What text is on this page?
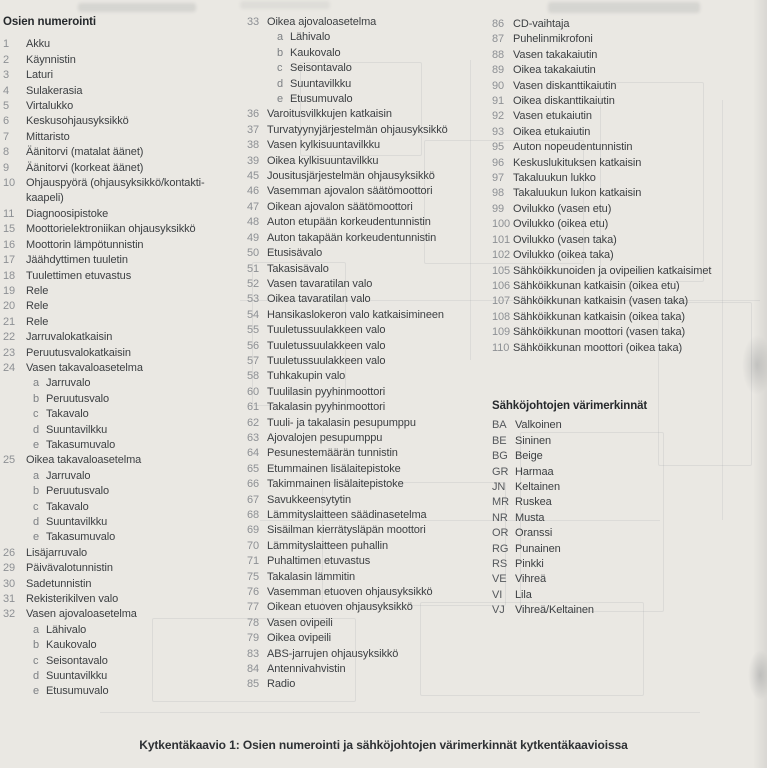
Osien numerointi
1	Akku
2	Käynnistin
3	Laturi
4	Sulakerasia
5	Virtalukko
6	Keskusohjausyksikkö
7	Mittaristo
8	Äänitorvi (matalat äänet)
9	Äänitorvi (korkeat äänet)
10 Ohjauspyörä (ohjausyksikkö/kontakti- kaapeli)
11	Diagnoosipistoke
15 Moottorielektroniikan ohjausyksikkö
16 Moottorin lämpötunnistin
17 Jäähdyttimen tuuletin
18 Tuulettimen etuvastus
19 Rele
20 Rele
21 Rele
22 Jarruvalokatkaisin
23 Peruutusvalokatkaisin
24 Vasen takavaloasetelma
a Jarruvalo
b Peruutusvalo
c Takavalo
d Suuntavilkku
e Takasumuvalo
25 Oikea takavaloasetelma
a Jarruvalo
b Peruutusvalo
c Takavalo
d Suuntavilkku
e Takasumuvalo
26 Lisäjarruvalo
29 Päivävalotunnistin
30 Sadetunnistin
31 Rekisterikilven valo
32 Vasen ajovaloasetelma
a Lähivalo
b Kaukovalo
c Seisontavalo
d Suuntavilkku
e Etusumuvalo
33 Oikea ajovaloasetelma
a Lähivalo
b Kaukovalo
c Seisontavalo
d Suuntavilkku
e Etusumuvalo
36 Varoitusvilkkujen katkaisin
37 Turvatyynyjärjestelmän ohjausyksikkö
38 Vasen kylkisuuntavilkku
39 Oikea kylkisuuntavilkku
45 Jousitusjärjestelmän ohjausyksikkö
46 Vasemman ajovalon säätömoottori
47 Oikean ajovalon säätömoottori
48 Auton etupään korkeudentunnistin
49 Auton takapään korkeudentunnistin
50 Etusisävalo
51 Takasisävalo
52 Vasen tavaratilan valo
53 Oikea tavaratilan valo
54 Hansikaslokeron valo katkaisimineen
55 Tuuletussuulakkeen valo
56 Tuuletussuulakkeen valo
57 Tuuletussuulakkeen valo
58 Tuhkakupin valo
60 Tuulilasin pyyhinmoottori
61 Takalasin pyyhinmoottori
62 Tuuli- ja takalasin pesupumppu
63 Ajovalojen pesupumppu
64 Pesunestemäärän tunnistin
65 Etummainen lisälaitepistoke
66 Takimmainen lisälaitepistoke
67 Savukkeensytytin
68 Lämmityslaitteen säädinasetelma
69 Sisäilman kierrätysläpän moottori
70 Lämmityslaitteen puhallin
71 Puhaltimen etuvastus
75 Takalasin lämmitin
76 Vasemman etuoven ohjausyksikkö
77 Oikean etuoven ohjausyksikkö
78 Vasen ovipeili
79 Oikea ovipeili
83 ABS-jarrujen ohjausyksikkö
84 Antennivahvistin
85 Radio
86 CD-vaihtaja
87 Puhelinmikrofoni
88 Vasen takakaiutin
89 Oikea takakaiutin
90 Vasen diskanttikaiutin
91 Oikea diskanttikaiutin
92 Vasen etukaiutin
93 Oikea etukaiutin
95 Auton nopeudentunnistin
96 Keskuslukituksen katkaisin
97 Takaluukun lukko
98 Takaluukun lukon katkaisin
99 Ovilukko (vasen etu)
100 Ovilukko (oikea etu)
101 Ovilukko (vasen taka)
102 Ovilukko (oikea taka)
105 Sähköikkunoiden ja ovipeilien katkaisimet
106 Sähköikkunan katkaisin (oikea etu)
107 Sähköikkunan katkaisin (vasen taka)
108 Sähköikkunan katkaisin (oikea taka)
109 Sähköikkunan moottori (vasen taka)
110 Sähköikkunan moottori (oikea taka)
Sähköjohtojen värimerkinnät
BA Valkoinen
BE Sininen
BG Beige
GR Harmaa
JN Keltainen
MR Ruskea
NR Musta
OR Oranssi
RG Punainen
RS Pinkki
VE Vihreä
VI	Lila
VJ Vihreä/Keltainen
Kytkentäkaavio 1: Osien numerointi ja sähköjohtojen värimerkinnät kytkentäkaavioissa
